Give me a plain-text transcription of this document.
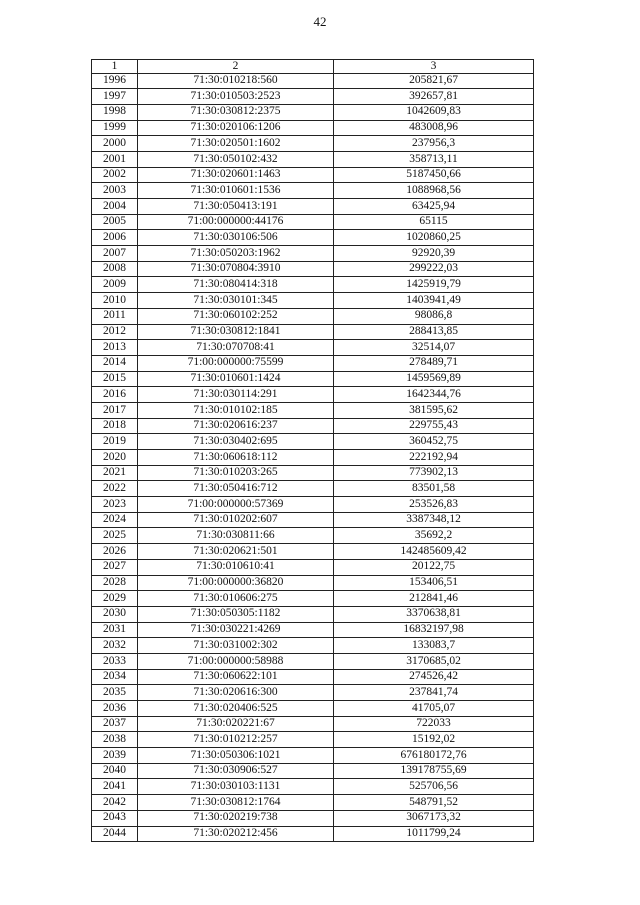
42
1	2	3
1996	71:30:010218:560	205821,67
1997	71:30:010503:2523	392657,81
1998	71:30:030812:2375	1042609,83
1999	71:30:020106:1206	483008,96
2000	71:30:020501:1602	237956,3
2001	71:30:050102:432	358713,11
2002	71:30:020601:1463	5187450,66
2003	71:30:010601:1536	1088968,56
2004	71:30:050413:191	63425,94
2005	71:00:000000:44176	65115
2006	71:30:030106:506	1020860,25
2007	71:30:050203:1962	92920,39
2008	71:30:070804:3910	299222,03
2009	71:30:080414:318	1425919,79
2010	71:30:030101:345	1403941,49
2011	71:30:060102:252	98086,8
2012	71:30:030812:1841	288413,85
2013	71:30:070708:41	32514,07
2014	71:00:000000:75599	278489,71
2015	71:30:010601:1424	1459569,89
2016	71:30:030114:291	1642344,76
2017	71:30:010102:185	381595,62
2018	71:30:020616:237	229755,43
2019	71:30:030402:695	360452,75
2020	71:30:060618:112	222192,94
2021	71:30:010203:265	773902,13
2022	71:30:050416:712	83501,58
2023	71:00:000000:57369	253526,83
2024	71:30:010202:607	3387348,12
2025	71:30:030811:66	35692,2
2026	71:30:020621:501	142485609,42
2027	71:30:010610:41	20122,75
2028	71:00:000000:36820	153406,51
2029	71:30:010606:275	212841,46
2030	71:30:050305:1182	3370638,81
2031	71:30:030221:4269	16832197,98
2032	71:30:031002:302	133083,7
2033	71:00:000000:58988	3170685,02
2034	71:30:060622:101	274526,42
2035	71:30:020616:300	237841,74
2036	71:30:020406:525	41705,07
2037	71:30:020221:67	722033
2038	71:30:010212:257	15192,02
2039	71:30:050306:1021	676180172,76
2040	71:30:030906:527	139178755,69
2041	71:30:030103:1131	525706,56
2042	71:30:030812:1764	548791,52
2043	71:30:020219:738	3067173,32
2044	71:30:020212:456	1011799,24
